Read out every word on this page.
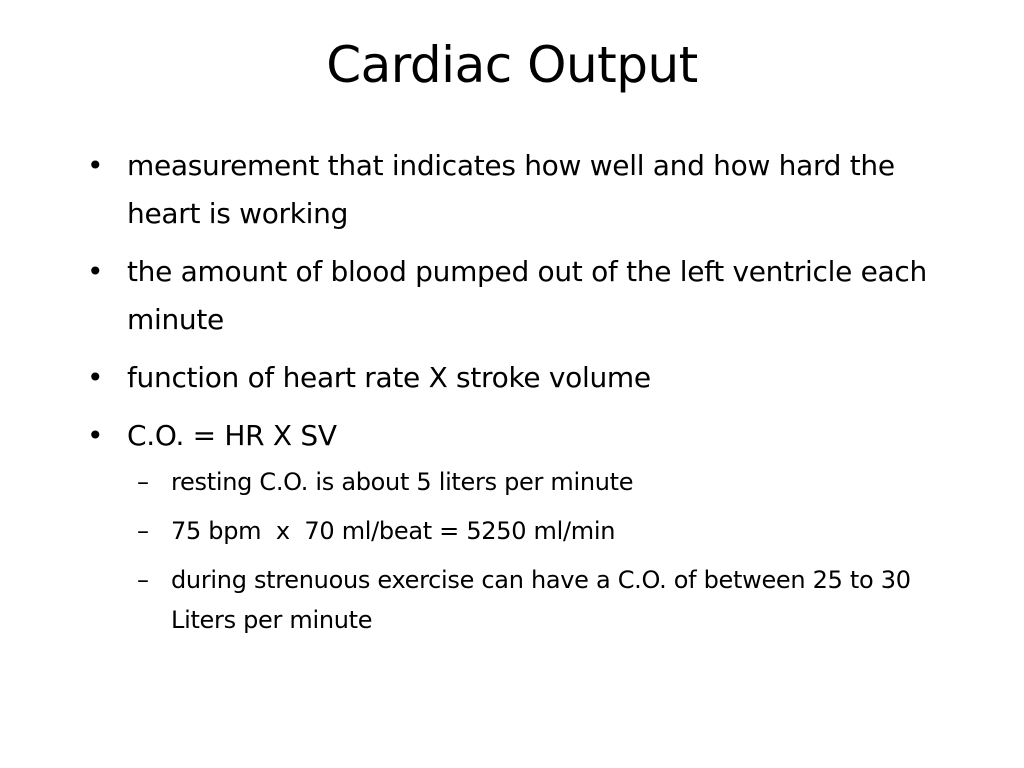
Cardiac Output
• measurement that indicates how well and how hard the heart is working
• the amount of blood pumped out of the left ventricle each minute
• function of heart rate X stroke volume
• C.O. = HR X SV
– resting C.O. is about 5 liters per minute
– 75 bpm  x  70 ml/beat = 5250 ml/min
– during strenuous exercise can have a C.O. of between 25 to 30 Liters per minute
